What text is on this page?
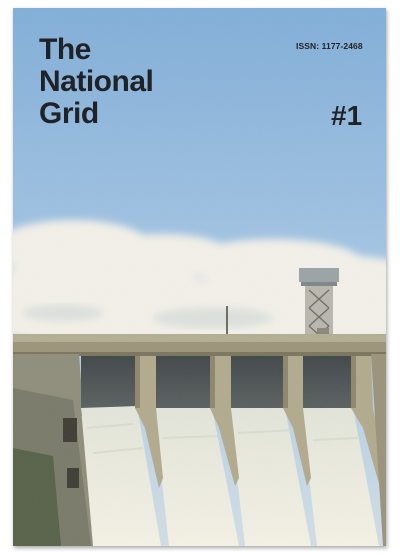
The
National
Grid
ISSN: 1177-2468
#1
